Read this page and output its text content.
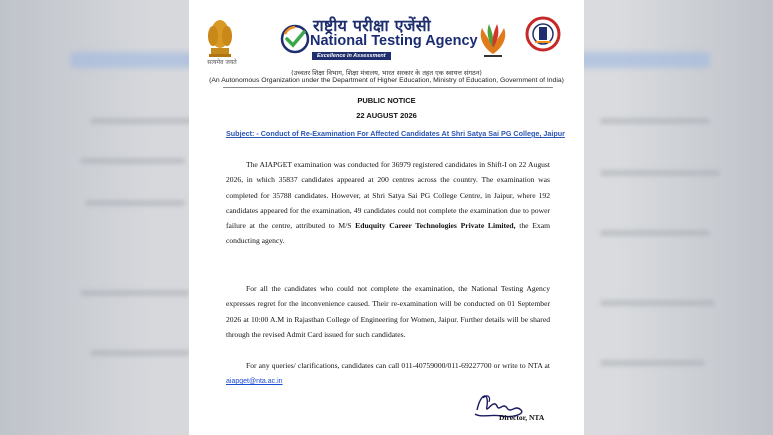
सत्यमेव जयते
राष्ट्रीय परीक्षा एजेंसी
National Testing Agency
Excellence in Assessment
(उच्चतर शिक्षा विभाग, शिक्षा मंत्रालय, भारत सरकार के तहत एक स्वायत्त संगठन)
(An Autonomous Organization under the Department of Higher Education, Ministry of Education, Government of India)
PUBLIC NOTICE
22 AUGUST 2026
Subject: - Conduct of Re-Examination For Affected Candidates At Shri Satya Sai PG College, Jaipur
The AIAPGET examination was conducted for 36979 registered candidates in Shift-I on 22 August 2026, in which 35837 candidates appeared at 200 centres across the country. The examination was completed for 35788 candidates. However, at Shri Satya Sai PG College Centre, in Jaipur, where 192 candidates appeared for the examination, 49 candidates could not complete the examination due to power failure at the centre, attributed to M/S Eduquity Career Technologies Private Limited, the Exam conducting agency.
For all the candidates who could not complete the examination, the National Testing Agency expresses regret for the inconvenience caused. Their re-examination will be conducted on 01 September 2026 at 10:00 A.M in Rajasthan College of Engineering for Women, Jaipur. Further details will be shared through the revised Admit Card issued for such candidates.
For any queries/ clarifications, candidates can call 011-40759000/011-69227700 or write to NTA at aiapget@nta.ac.in
Director, NTA
